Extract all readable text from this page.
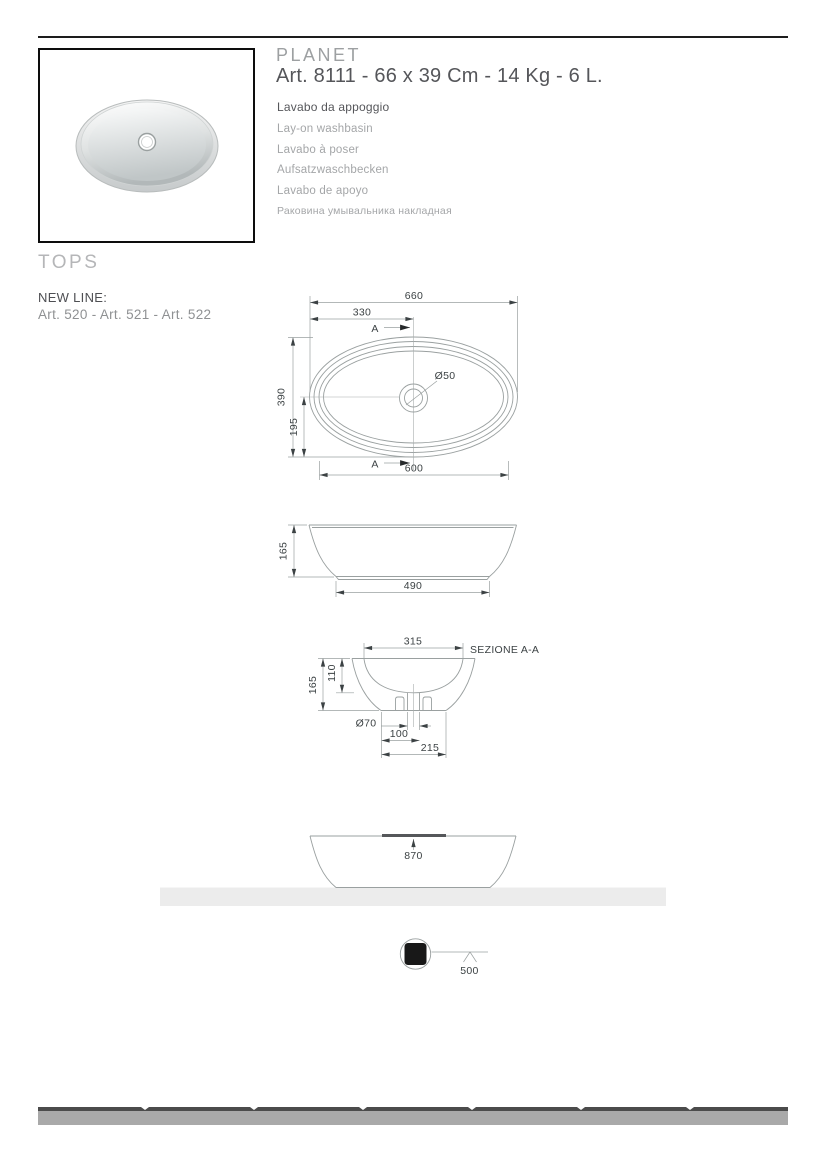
PLANET
Art. 8111 - 66 x 39 Cm - 14 Kg - 6 L.
Lavabo da appoggio
Lay-on washbasin
Lavabo à poser
Aufsatzwaschbecken
Lavabo de apoyo
Раковина умывальника накладная
TOPS
NEW LINE:
Art. 520 - Art. 521 - Art. 522
Ø50
660
330
A
390
195
A 600
165
490
SEZIONE A-A
315
165
110
Ø70
100
215
870
500
